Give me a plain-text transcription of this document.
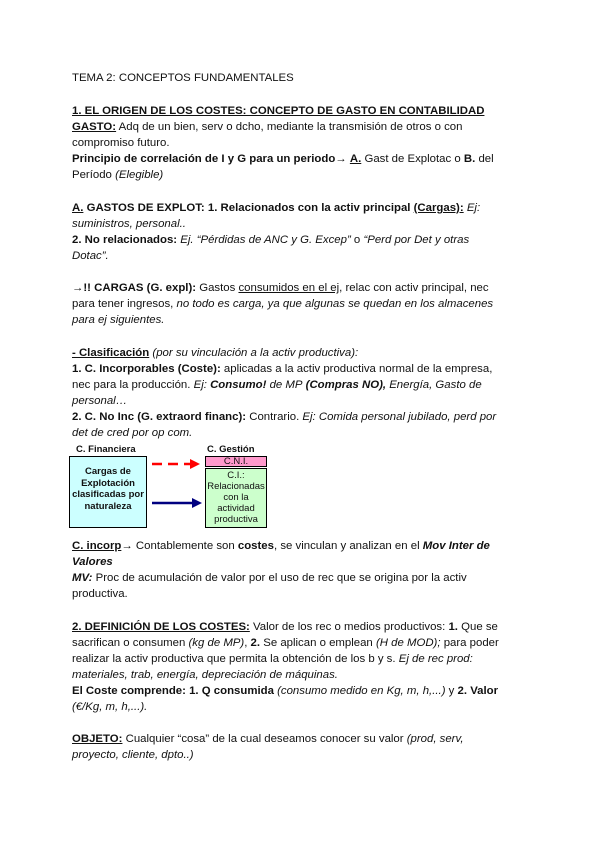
TEMA 2: CONCEPTOS FUNDAMENTALES
1. EL ORIGEN DE LOS COSTES: CONCEPTO DE GASTO EN CONTABILIDAD
GASTO: Adq de un bien, serv o dcho, mediante la transmisión de otros o con
compromiso futuro.
Principio de correlación de I y G para un periodo→ A. Gast de Explotac o B. del
Período (Elegible)
A. GASTOS DE EXPLOT: 1. Relacionados con la activ principal (Cargas): Ej:
suministros, personal..
2. No relacionados: Ej. “Pérdidas de ANC y G. Excep” o “Perd por Det y otras
Dotac”.
→!! CARGAS (G. expl): Gastos consumidos en el ej, relac con activ principal, nec
para tener ingresos, no todo es carga, ya que algunas se quedan en los almacenes
para ej siguientes.
- Clasificación (por su vinculación a la activ productiva):
1. C. Incorporables (Coste): aplicadas a la activ productiva normal de la empresa,
nec para la producción. Ej: Consumo! de MP (Compras NO), Energía, Gasto de
personal…
2. C. No Inc (G. extraord financ): Contrario. Ej: Comida personal jubilado, perd por
det de cred por op com.
C. Financiera	C. Gestión
Cargas de Explotación clasificadas por naturaleza
C.N.I.
C.I.: Relacionadas con la actividad productiva
C. incorp→ Contablemente son costes, se vinculan y analizan en el Mov Inter de
Valores
MV: Proc de acumulación de valor por el uso de rec que se origina por la activ
productiva.
2. DEFINICIÓN DE LOS COSTES: Valor de los rec o medios productivos: 1. Que se
sacrifican o consumen (kg de MP), 2. Se aplican o emplean (H de MOD); para poder
realizar la activ productiva que permita la obtención de los b y s. Ej de rec prod:
materiales, trab, energía, depreciación de máquinas.
El Coste comprende: 1. Q consumida (consumo medido en Kg, m, h,...) y 2. Valor
(€/Kg, m, h,...).
OBJETO: Cualquier “cosa” de la cual deseamos conocer su valor (prod, serv,
proyecto, cliente, dpto..)
